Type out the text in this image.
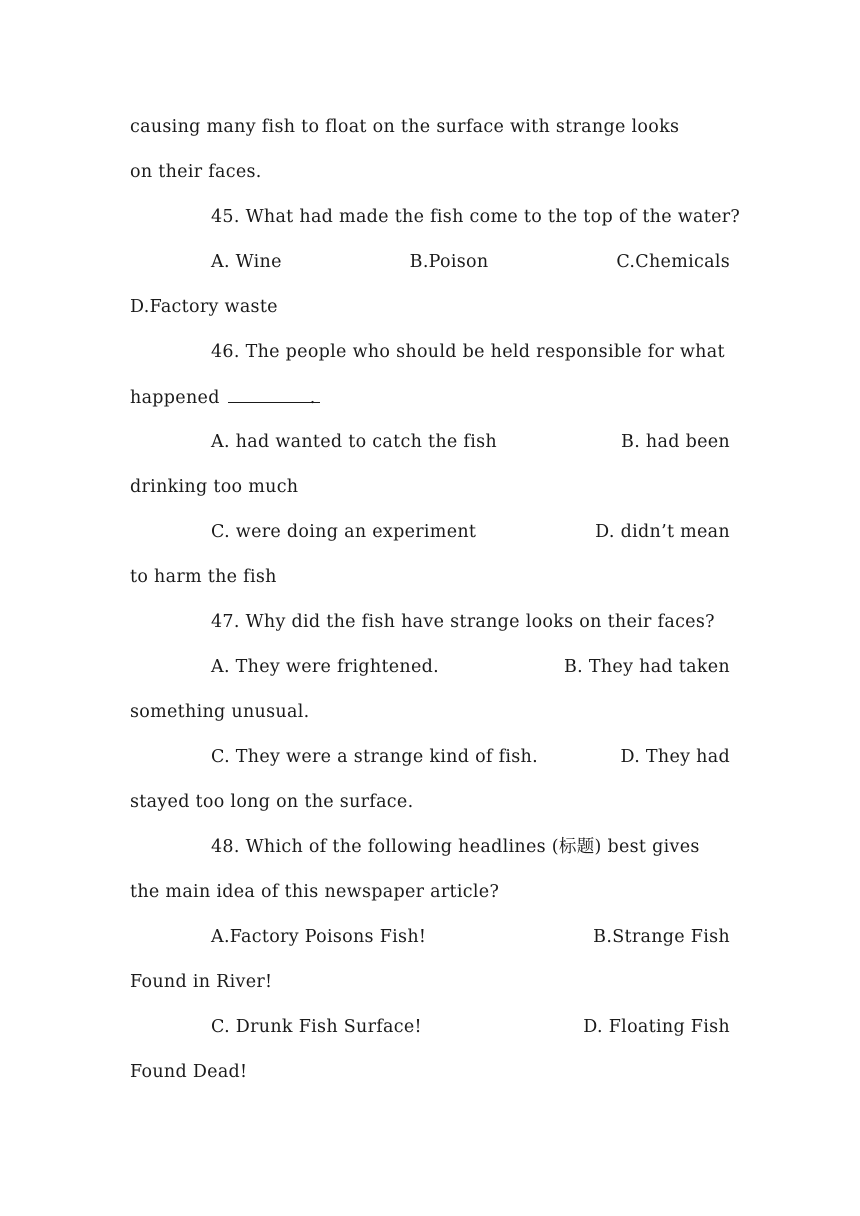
causing many fish to float on the surface with strange looks
on their faces.
45. What had made the fish come to the top of the water?
A. Wine	B.Poison	C.Chemicals
D.Factory waste
46. The people who should be held responsible for what
happened	.
A. had wanted to catch the fish	B. had been
drinking too much
C. were doing an experiment	D. didn’t mean
to harm the fish
47. Why did the fish have strange looks on their faces?
A. They were frightened.	B. They had taken
something unusual.
C. They were a strange kind of fish.	D. They had
stayed too long on the surface.
48. Which of the following headlines (标题) best gives
the main idea of this newspaper article?
A.Factory Poisons Fish!	B.Strange Fish
Found in River!
C. Drunk Fish Surface!	D. Floating Fish
Found Dead!
